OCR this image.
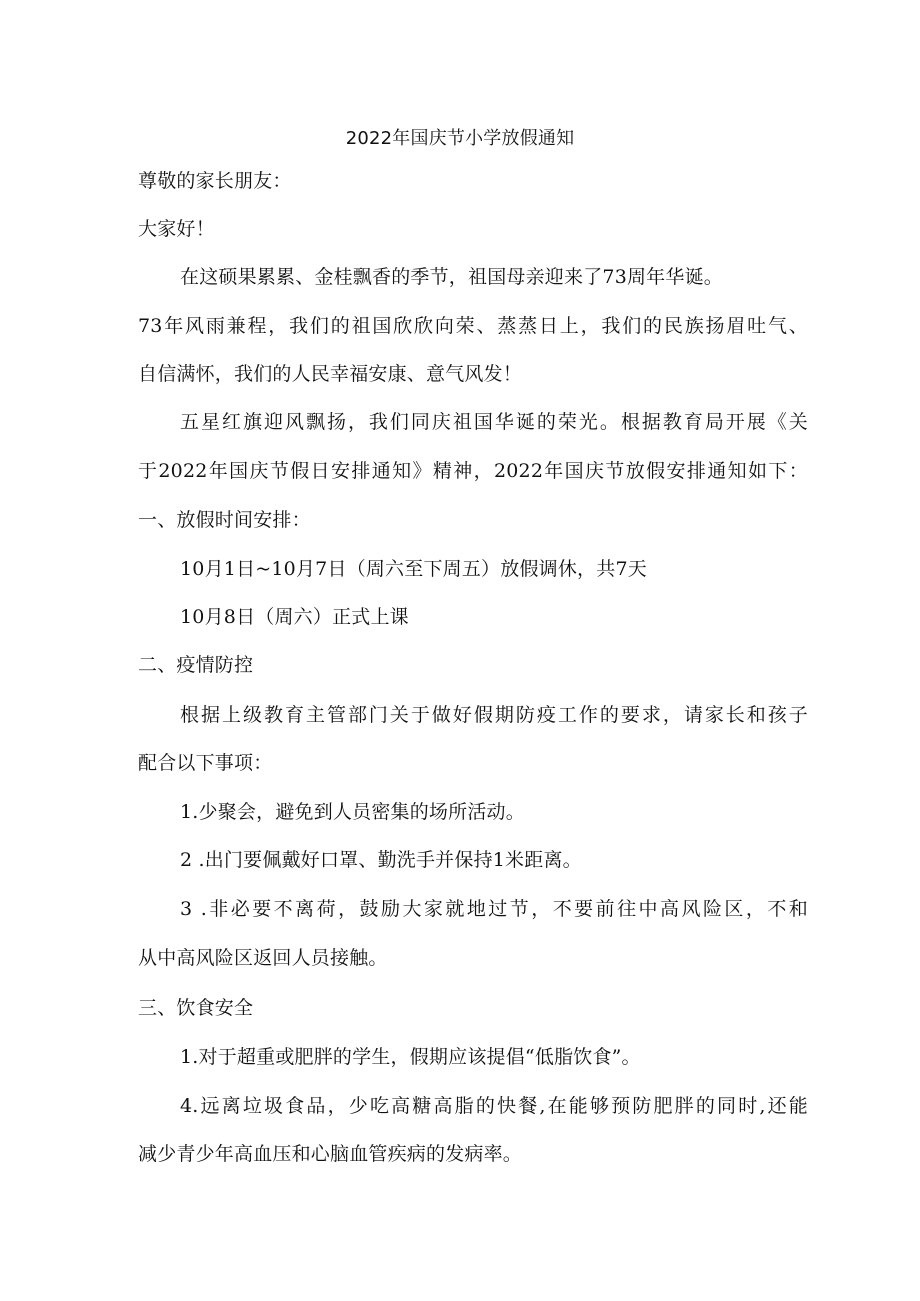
2022年国庆节小学放假通知
尊敬的家长朋友：
大家好！
在这硕果累累、金桂飘香的季节，祖国母亲迎来了73周年华诞。
73年风雨兼程，我们的祖国欣欣向荣、蒸蒸日上，我们的民族扬眉吐气、
自信满怀，我们的人民幸福安康、意气风发！
五星红旗迎风飘扬，我们同庆祖国华诞的荣光。根据教育局开展《关
于2022年国庆节假日安排通知》精神，2022年国庆节放假安排通知如下：
一、放假时间安排：
10月1日~10月7日（周六至下周五）放假调休，共7天
10月8日（周六）正式上课
二、疫情防控
根据上级教育主管部门关于做好假期防疫工作的要求，请家长和孩子
配合以下事项：
1.少聚会，避免到人员密集的场所活动。
2 .出门要佩戴好口罩、勤洗手并保持1米距离。
3 .非必要不离荷，鼓励大家就地过节，不要前往中高风险区，不和
从中高风险区返回人员接触。
三、饮食安全
1.对于超重或肥胖的学生，假期应该提倡“低脂饮食”。
4.远离垃圾食品，少吃高糖高脂的快餐,在能够预防肥胖的同时,还能
减少青少年高血压和心脑血管疾病的发病率。
